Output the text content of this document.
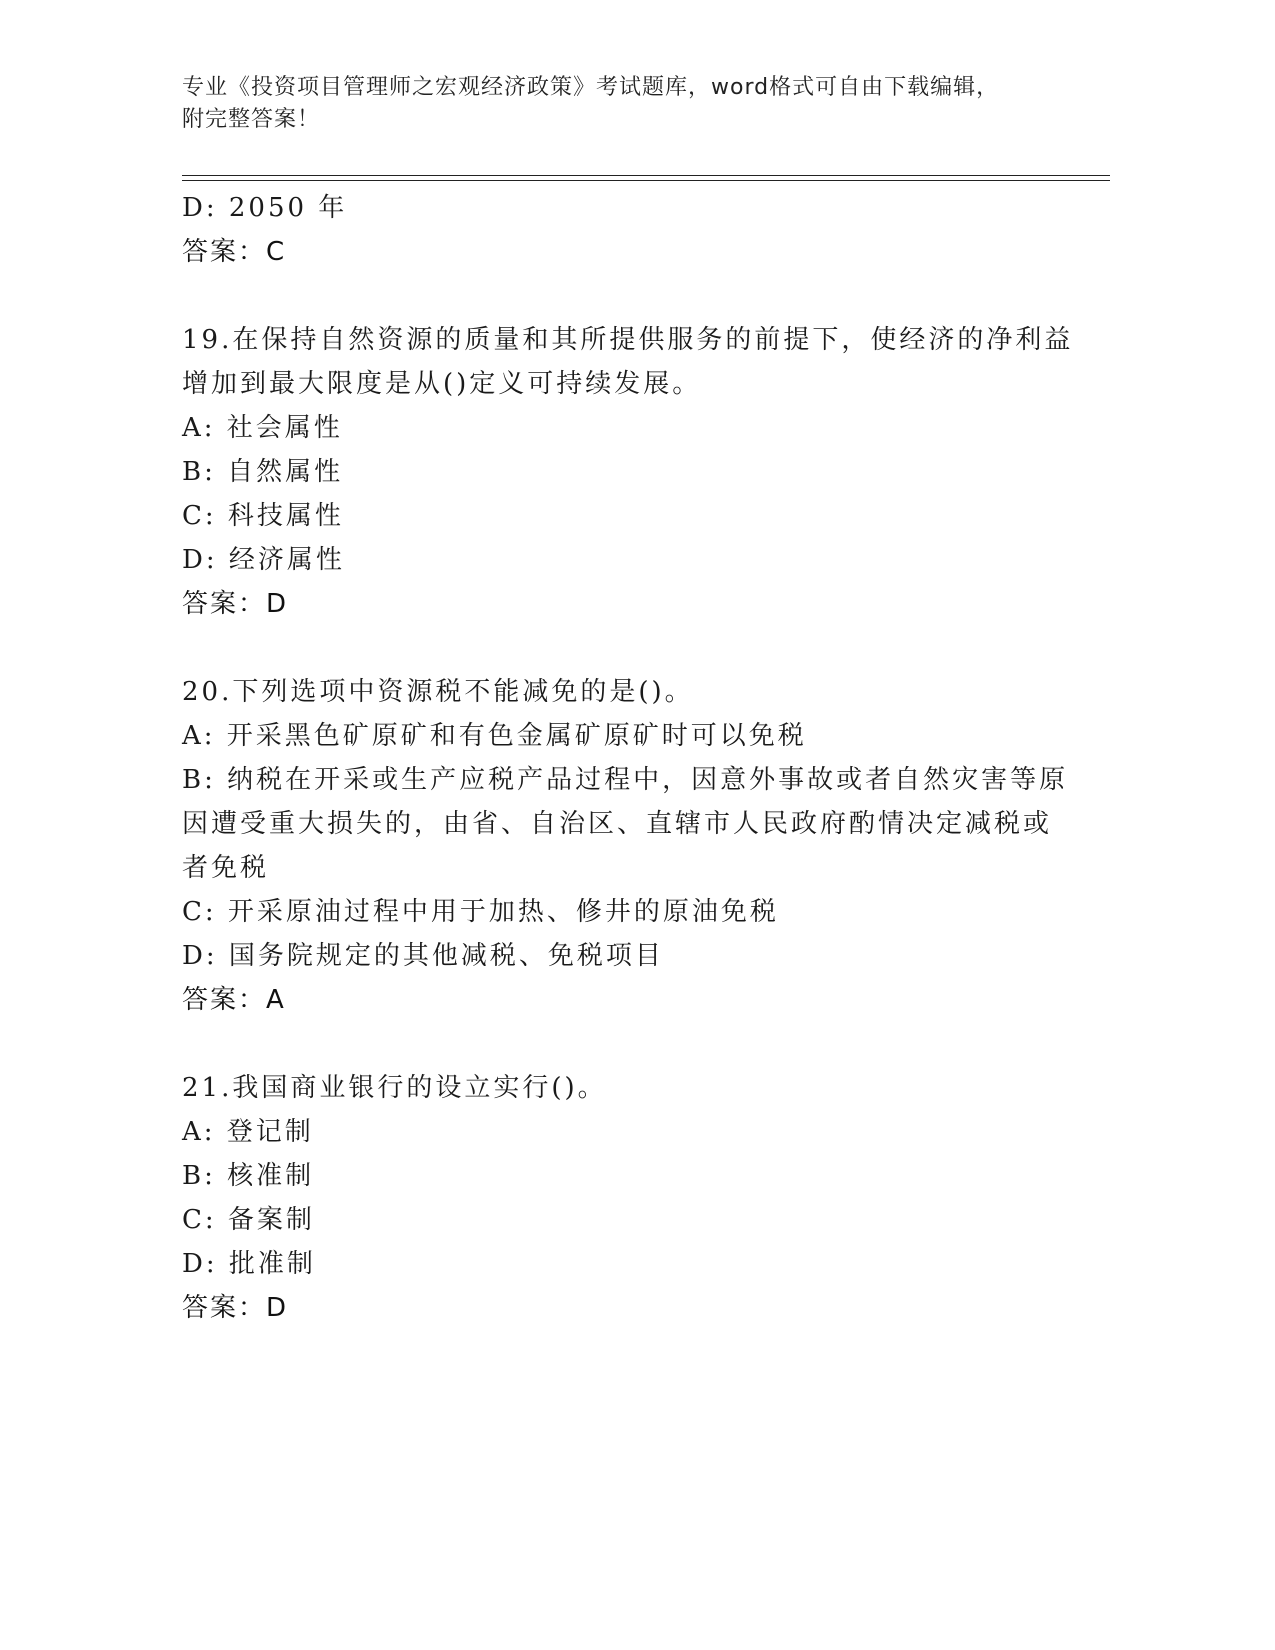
专业《投资项目管理师之宏观经济政策》考试题库，word格式可自由下载编辑，
附完整答案！
D: 2050 年
答案：C
19.在保持自然资源的质量和其所提供服务的前提下，使经济的净利益
增加到最大限度是从()定义可持续发展。
A: 社会属性
B: 自然属性
C: 科技属性
D: 经济属性
答案：D
20.下列选项中资源税不能减免的是()。
A: 开采黑色矿原矿和有色金属矿原矿时可以免税
B: 纳税在开采或生产应税产品过程中，因意外事故或者自然灾害等原
因遭受重大损失的，由省、自治区、直辖市人民政府酌情决定减税或
者免税
C: 开采原油过程中用于加热、修井的原油免税
D: 国务院规定的其他减税、免税项目
答案：A
21.我国商业银行的设立实行()。
A: 登记制
B: 核准制
C: 备案制
D: 批准制
答案：D
